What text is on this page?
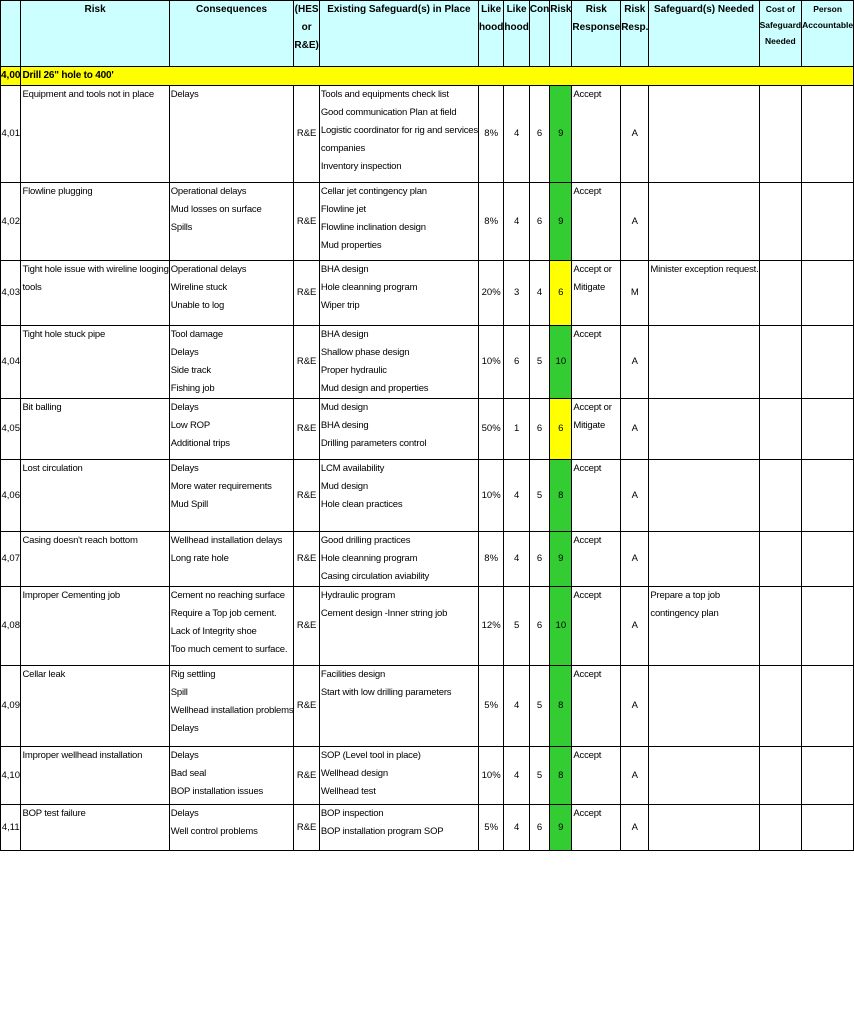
	Risk	Consequences	(HES
or
R&E)	Existing Safeguard(s) in Place	Like
hood	Like
hood	Con	Risk	Risk
Response	Risk
Resp.	Safeguard(s) Needed	Cost of
Safeguard
Needed	Person
Accountable

4,00	Drill 26" hole to 400'												
4,01	Equipment and tools not in place	Delays	R&E	Tools and equipments check list
Good communication Plan at field
Logistic coordinator for rig and services
companies
Inventory inspection	8%	4	6	9	Accept	A			
4,02	Flowline plugging	Operational delays
Mud losses on surface
Spills	R&E	Cellar jet contingency plan
Flowline jet
Flowline inclination design
Mud properties	8%	4	6	9	Accept	A			
4,03	Tight hole issue with wireline looging
tools	Operational delays
Wireline stuck
Unable to log	R&E	BHA design
Hole cleanning program
Wiper trip	20%	3	4	6	Accept or
Mitigate	M	Minister exception request.		

4,04	Tight hole stuck pipe	Tool damage
Delays
Side track
Fishing job	R&E	BHA design
Shallow phase design
Proper hydraulic
Mud design and properties	10%	6	5	10	Accept	A			
4,05	Bit balling	Delays
Low ROP
Additional trips	R&E	Mud design
BHA desing
Drilling parameters control	50%	1	6	6	Accept or
Mitigate	A			
4,06	Lost circulation	Delays
More water requirements
Mud Spill	R&E	LCM availability
Mud design
Hole clean practices	10%	4	5	8	Accept	A			
4,07	Casing doesn't reach bottom	Wellhead installation delays
Long rate hole	R&E	Good drilling practices
Hole cleanning program
Casing circulation aviability	8%	4	6	9	Accept	A			
4,08	Improper Cementing job	Cement no reaching surface
Require a Top job cement.
Lack of Integrity shoe
Too much cement to surface.	R&E	Hydraulic program
Cement design -Inner string job	12%	5	6	10	Accept	A	Prepare a top job
contingency plan		

4,09	Cellar leak	Rig settling
Spill
Wellhead installation problems
Delays	R&E	Facilities design
Start with low drilling parameters	5%	4	5	8	Accept	A			
4,10	Improper wellhead installation	Delays
Bad seal
BOP installation issues	R&E	SOP (Level tool in place)
Wellhead design
Wellhead test	10%	4	5	8	Accept	A			
4,11	BOP test failure	Delays
Well control problems	R&E	BOP inspection
BOP installation program SOP	5%	4	6	9	Accept	A			
